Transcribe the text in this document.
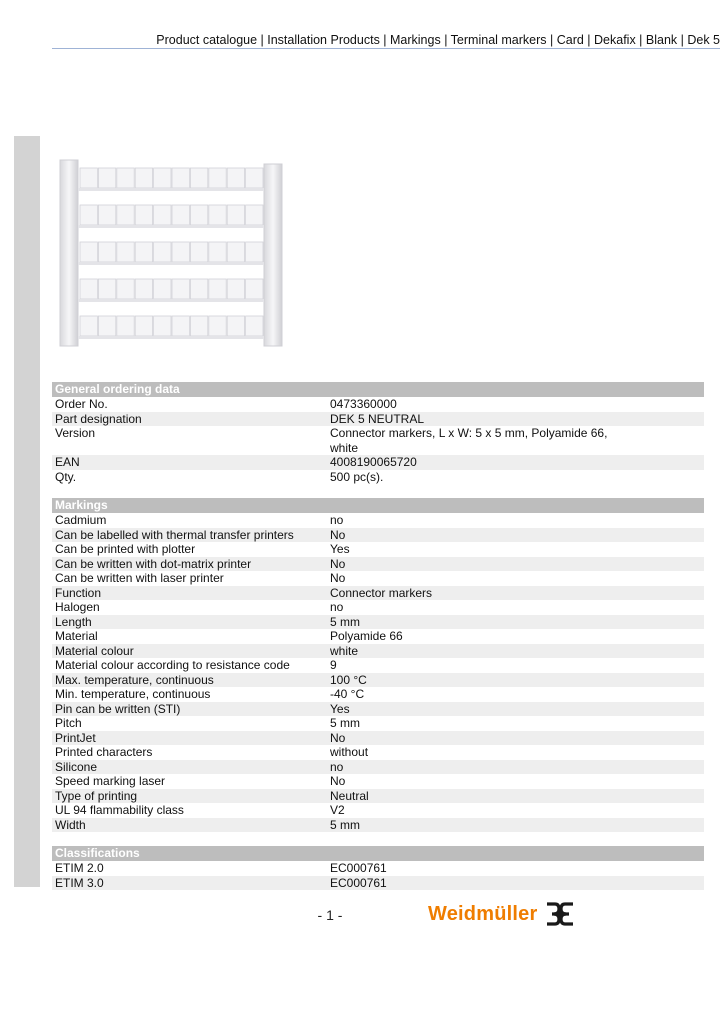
Product catalogue | Installation Products | Markings | Terminal markers | Card | Dekafix | Blank | Dek 5
General ordering data
Order No.	0473360000
Part designation	DEK 5 NEUTRAL
Version	Connector markers, L x W: 5 x 5 mm, Polyamide 66, white
EAN	4008190065720
Qty.	500 pc(s).
Markings
Cadmium	no
Can be labelled with thermal transfer printers	No
Can be printed with plotter	Yes
Can be written with dot-matrix printer	No
Can be written with laser printer	No
Function	Connector markers
Halogen	no
Length	5 mm
Material	Polyamide 66
Material colour	white
Material colour according to resistance code	9
Max. temperature, continuous	100 °C
Min. temperature, continuous	-40 °C
Pin can be written (STI)	Yes
Pitch	5 mm
PrintJet	No
Printed characters	without
Silicone	no
Speed marking laser	No
Type of printing	Neutral
UL 94 flammability class	V2
Width	5 mm
Classifications
ETIM 2.0	EC000761
ETIM 3.0	EC000761
- 1 -	Weidmüller
